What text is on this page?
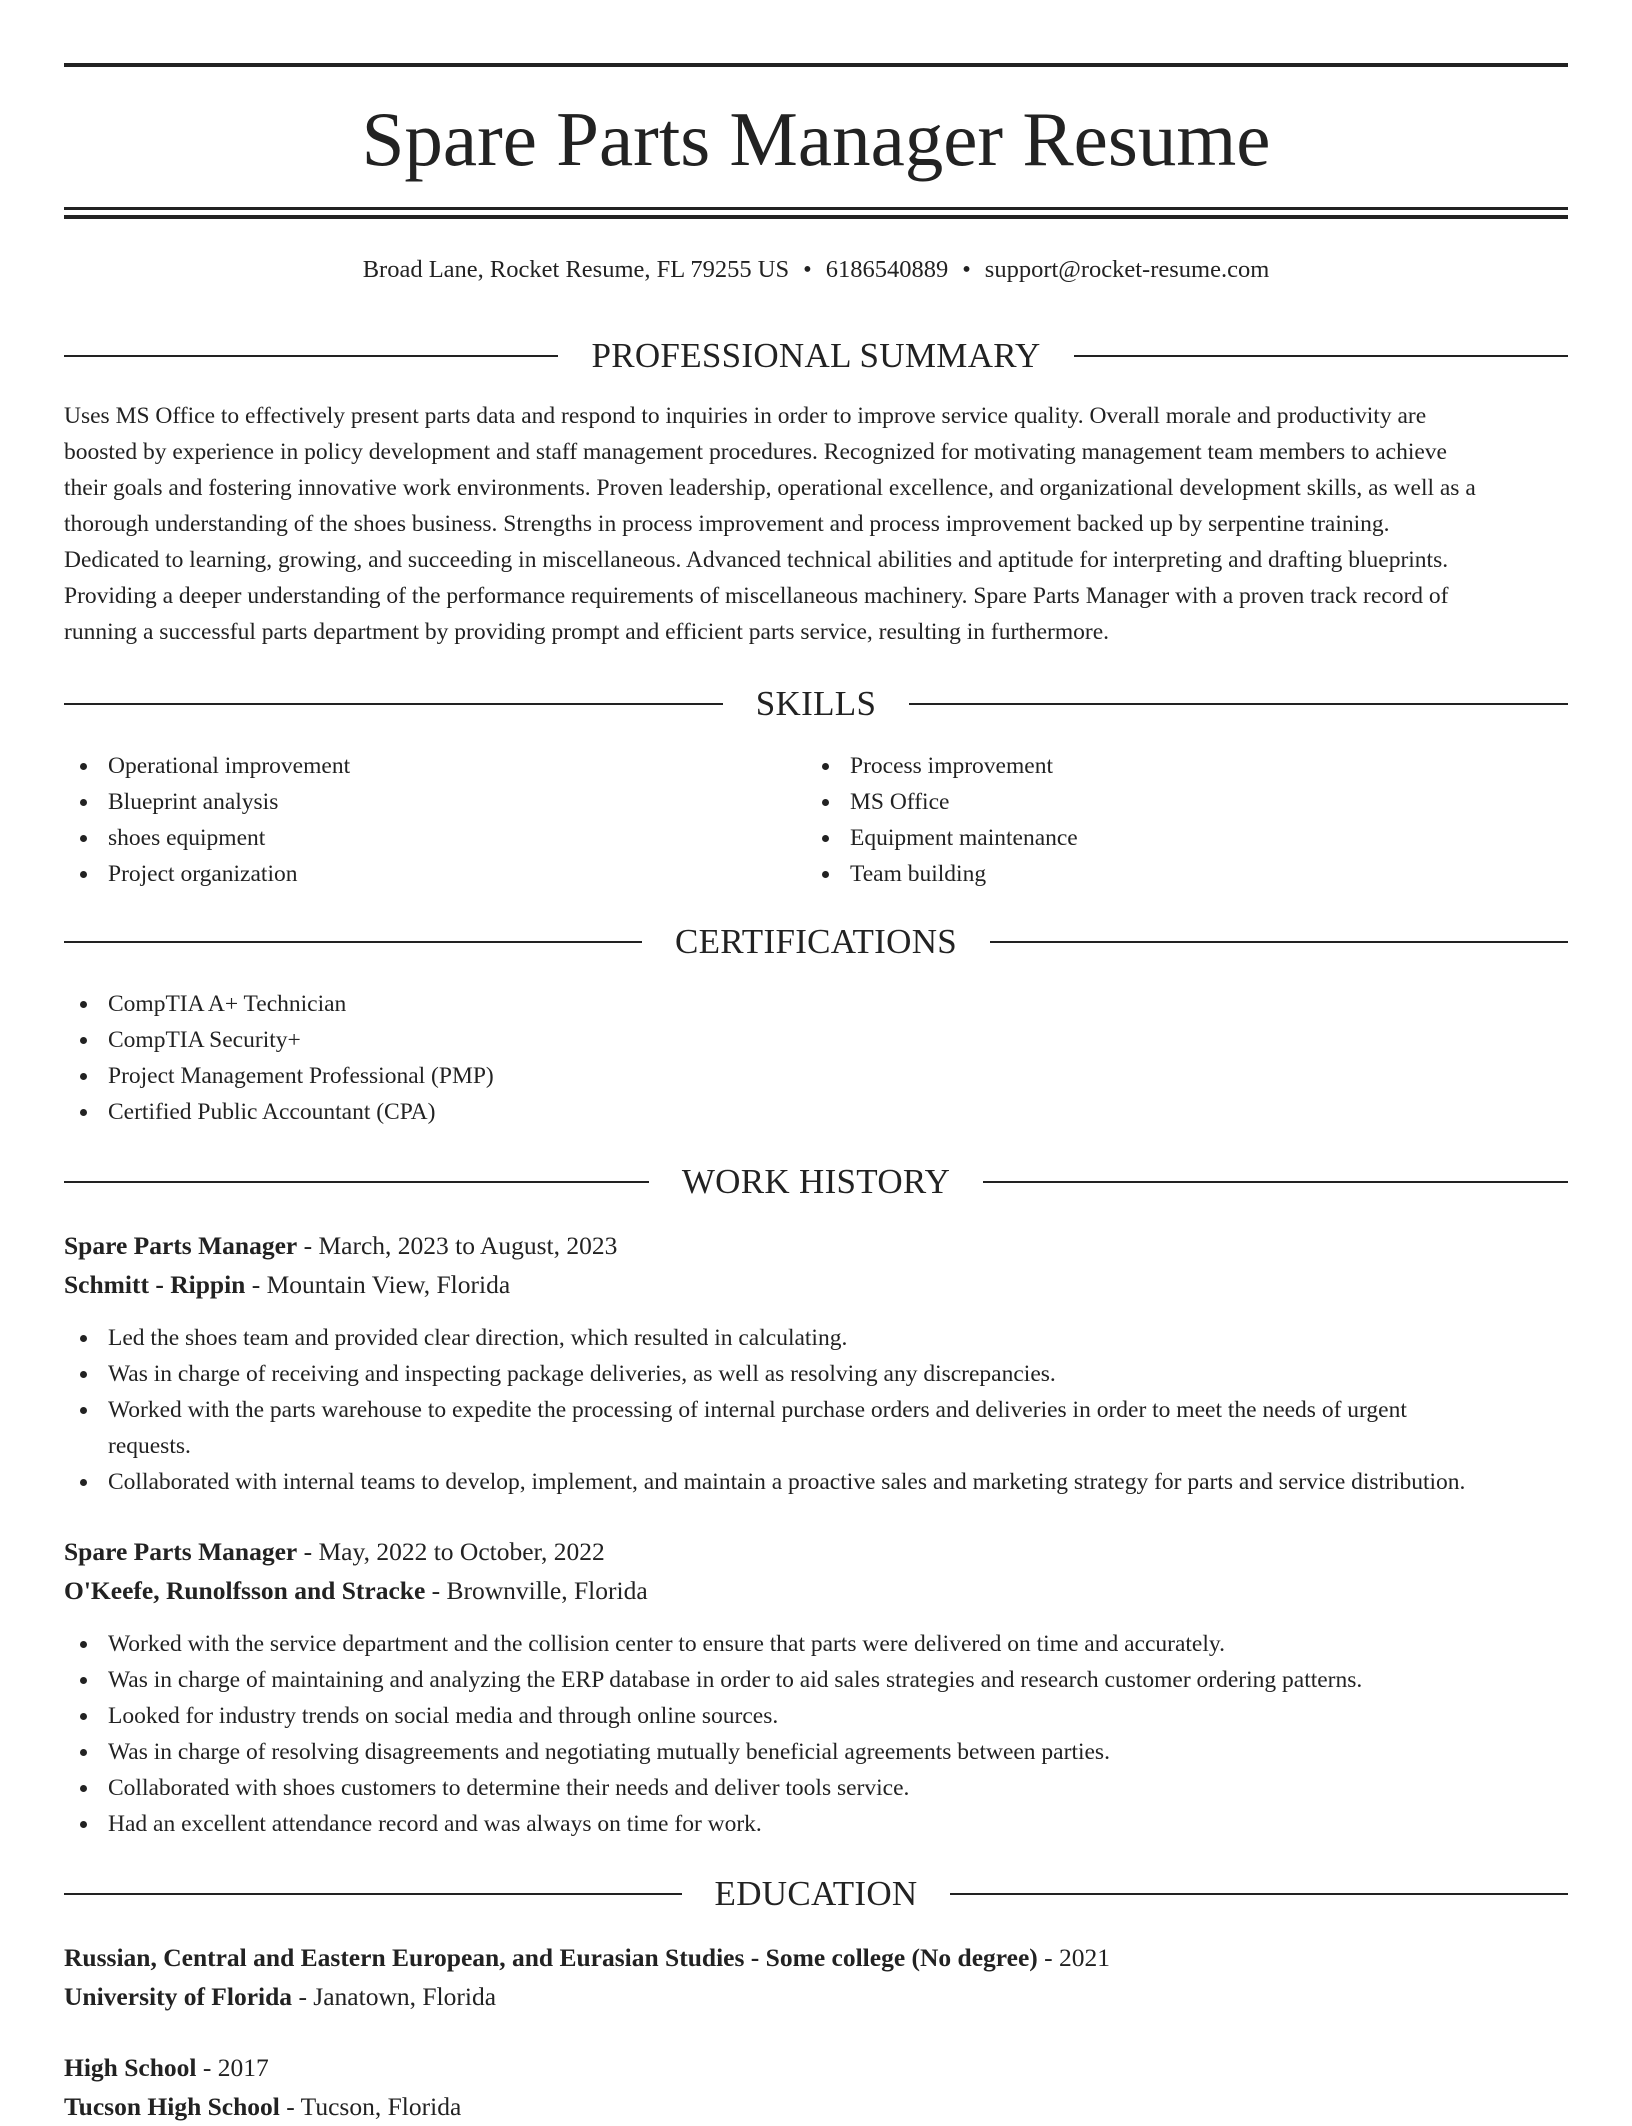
Spare Parts Manager Resume
Broad Lane, Rocket Resume, FL 79255 US • 6186540889 • support@rocket-resume.com
PROFESSIONAL SUMMARY
Uses MS Office to effectively present parts data and respond to inquiries in order to improve service quality. Overall morale and productivity are
boosted by experience in policy development and staff management procedures. Recognized for motivating management team members to achieve
their goals and fostering innovative work environments. Proven leadership, operational excellence, and organizational development skills, as well as a
thorough understanding of the shoes business. Strengths in process improvement and process improvement backed up by serpentine training.
Dedicated to learning, growing, and succeeding in miscellaneous. Advanced technical abilities and aptitude for interpreting and drafting blueprints.
Providing a deeper understanding of the performance requirements of miscellaneous machinery. Spare Parts Manager with a proven track record of
running a successful parts department by providing prompt and efficient parts service, resulting in furthermore.
SKILLS
Operational improvement
Blueprint analysis
shoes equipment
Project organization
Process improvement
MS Office
Equipment maintenance
Team building
CERTIFICATIONS
CompTIA A+ Technician
CompTIA Security+
Project Management Professional (PMP)
Certified Public Accountant (CPA)
WORK HISTORY

Spare Parts Manager - March, 2023 to August, 2023

Schmitt - Rippin - Mountain View, Florida

Led the shoes team and provided clear direction, which resulted in calculating.
Was in charge of receiving and inspecting package deliveries, as well as resolving any discrepancies.
Worked with the parts warehouse to expedite the processing of internal purchase orders and deliveries in order to meet the needs of urgent
requests.
Collaborated with internal teams to develop, implement, and maintain a proactive sales and marketing strategy for parts and service distribution.

Spare Parts Manager - May, 2022 to October, 2022

O'Keefe, Runolfsson and Stracke - Brownville, Florida

Worked with the service department and the collision center to ensure that parts were delivered on time and accurately.
Was in charge of maintaining and analyzing the ERP database in order to aid sales strategies and research customer ordering patterns.
Looked for industry trends on social media and through online sources.
Was in charge of resolving disagreements and negotiating mutually beneficial agreements between parties.
Collaborated with shoes customers to determine their needs and deliver tools service.
Had an excellent attendance record and was always on time for work.
EDUCATION

Russian, Central and Eastern European, and Eurasian Studies - Some college (No degree) - 2021

University of Florida - Janatown, Florida

High School - 2017

Tucson High School - Tucson, Florida
